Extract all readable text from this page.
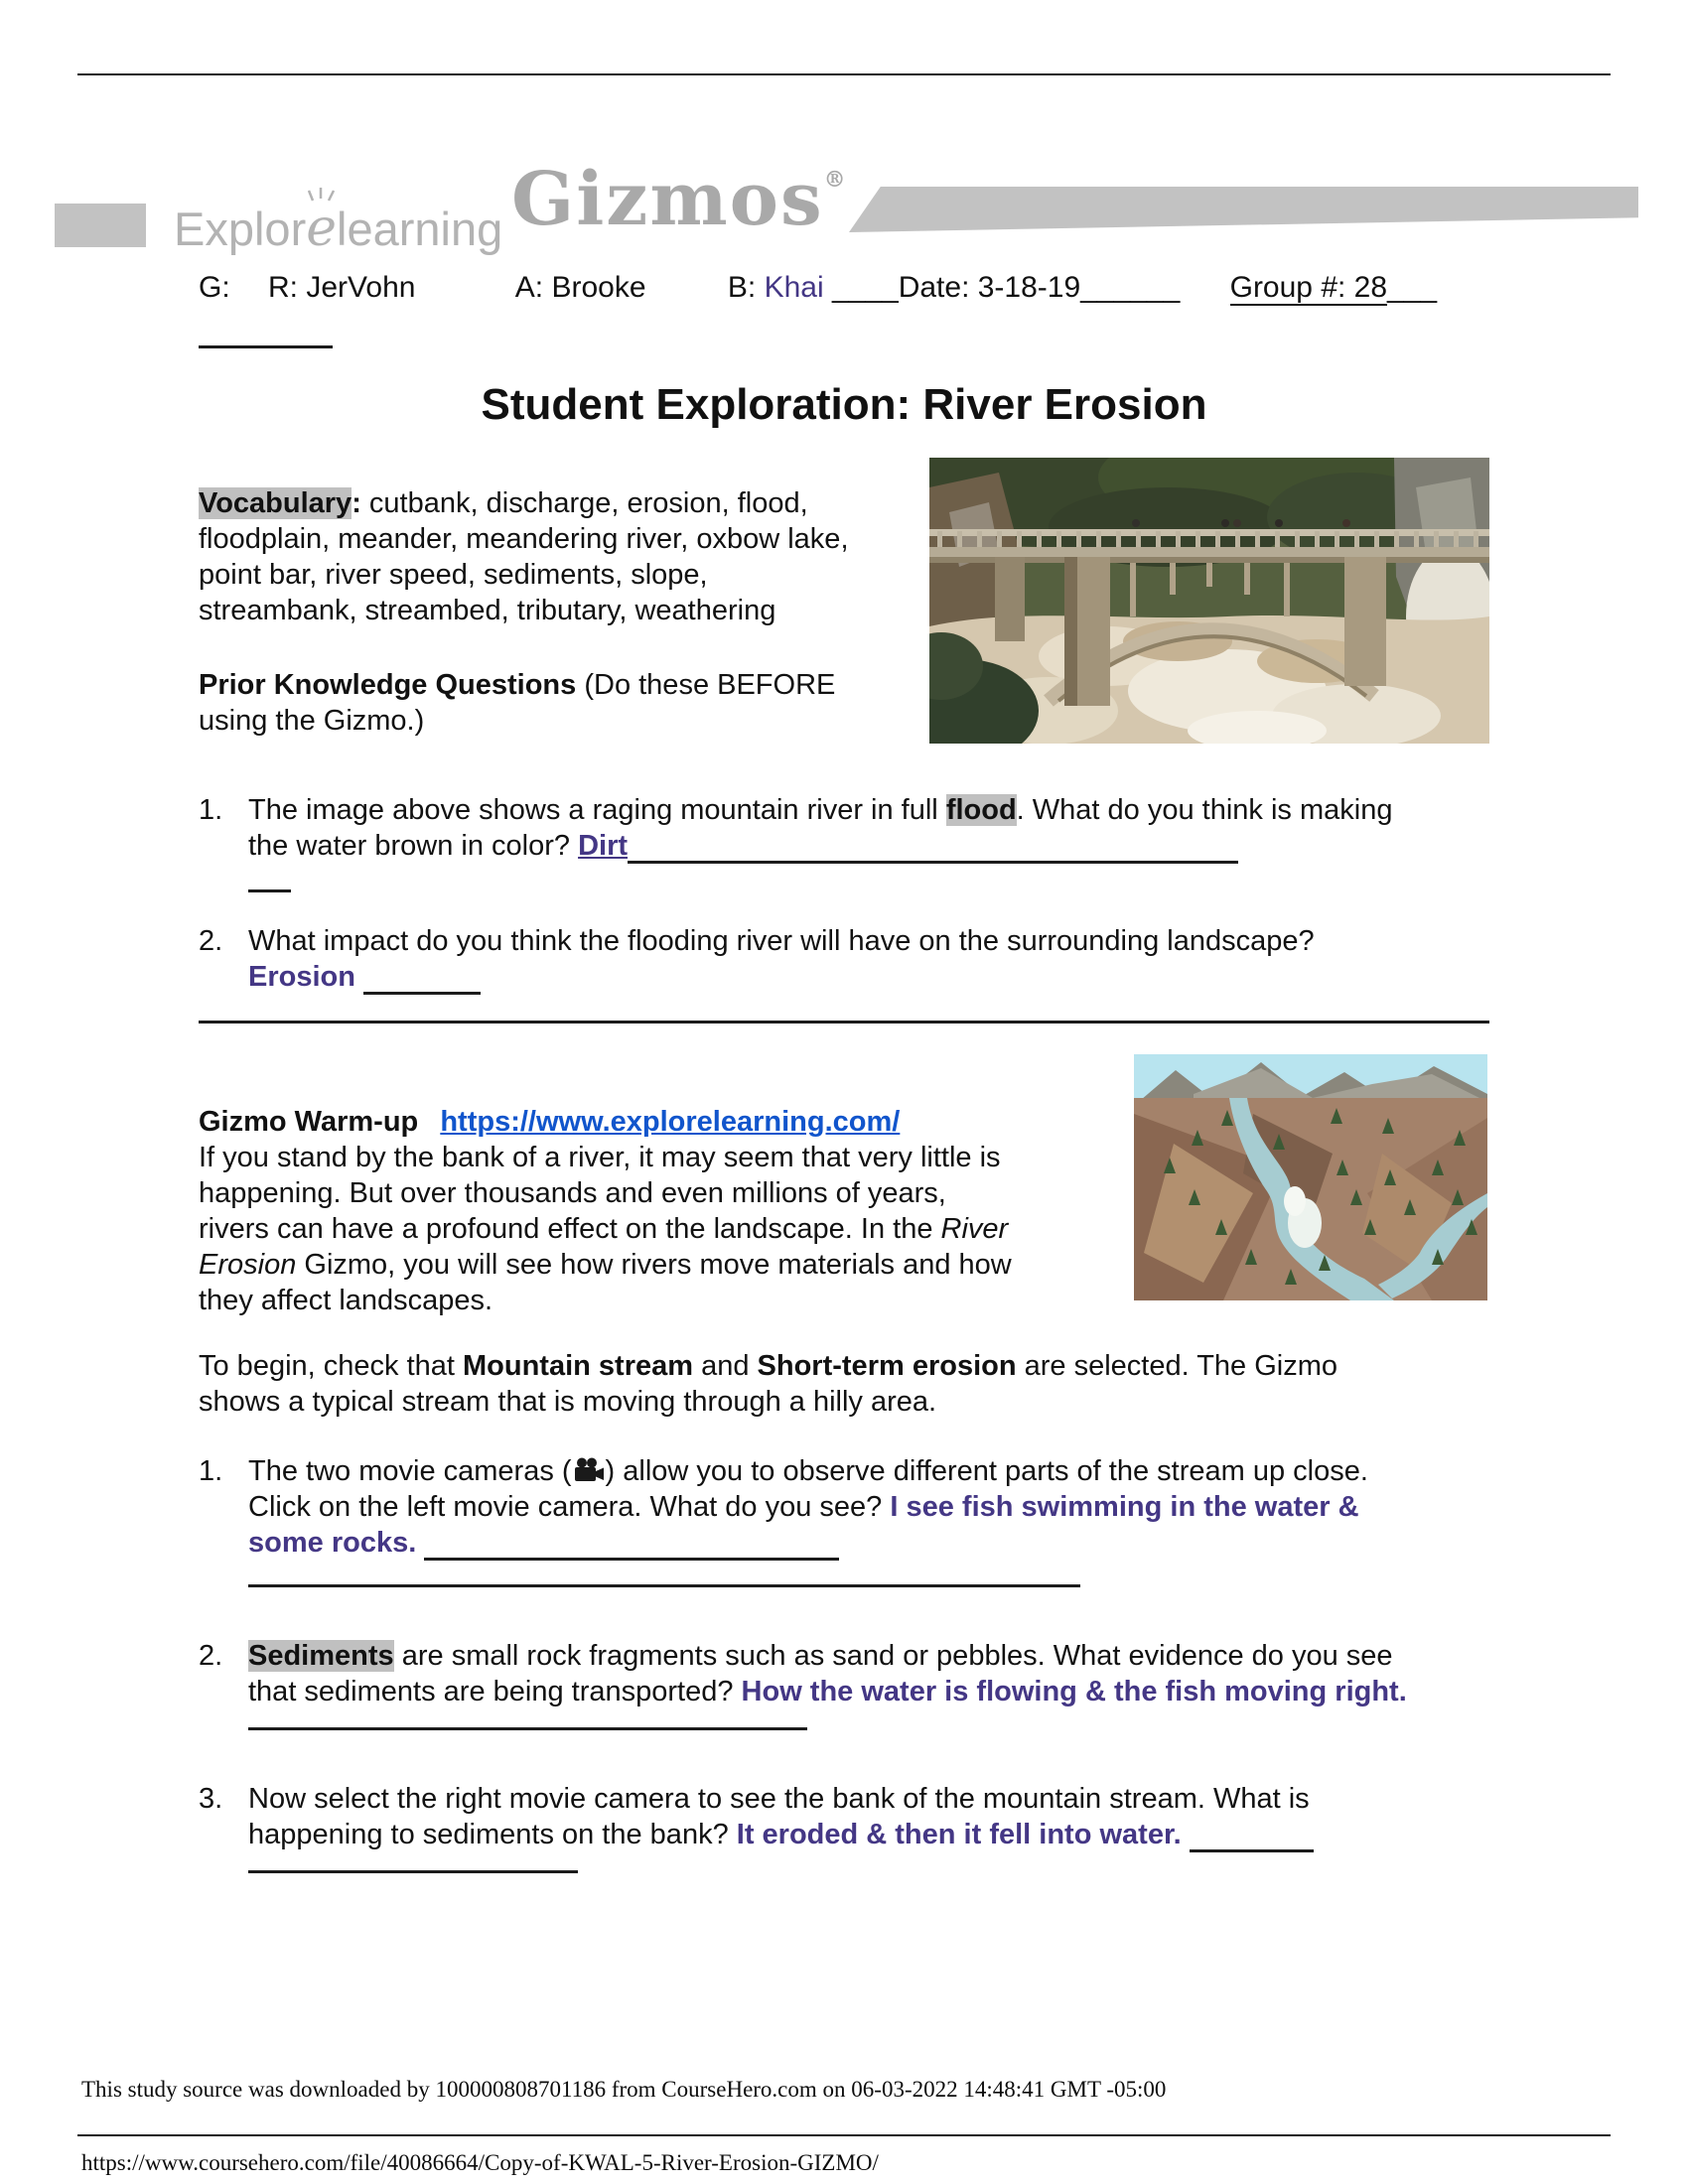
Explor
elearning Gizmos®
G: R: JerVohn	A: Brooke	B: Khai ____Date: 3-18-19______ Group #: 28___
Student Exploration: River Erosion
Vocabulary: cutbank, discharge, erosion, flood,
floodplain, meander, meandering river, oxbow lake,
point bar, river speed, sediments, slope,
streambank, streambed, tributary, weathering
Prior Knowledge Questions (Do these BEFORE
using the Gizmo.)
1. The image above shows a raging mountain river in full flood. What do you think is making
the water brown in color? Dirt
2. What impact do you think the flooding river will have on the surrounding landscape?
Erosion
Gizmo Warm-up https://www.explorelearning.com/
If you stand by the bank of a river, it may seem that very little is
happening. But over thousands and even millions of years,
rivers can have a profound effect on the landscape. In the River
Erosion Gizmo, you will see how rivers move materials and how
they affect landscapes.
To begin, check that Mountain stream and Short-term erosion are selected. The Gizmo
shows a typical stream that is moving through a hilly area.
1. The two movie cameras ( ) allow you to observe different parts of the stream up close.
Click on the left movie camera. What do you see? I see fish swimming in the water &
some rocks.
2. Sediments are small rock fragments such as sand or pebbles. What evidence do you see
that sediments are being transported? How the water is flowing & the fish moving right.
3. Now select the right movie camera to see the bank of the mountain stream. What is
happening to sediments on the bank? It eroded & then it fell into water.
This study source was downloaded by 100000808701186 from CourseHero.com on 06-03-2022 14:48:41 GMT -05:00
https://www.coursehero.com/file/40086664/Copy-of-KWAL-5-River-Erosion-GIZMO/
